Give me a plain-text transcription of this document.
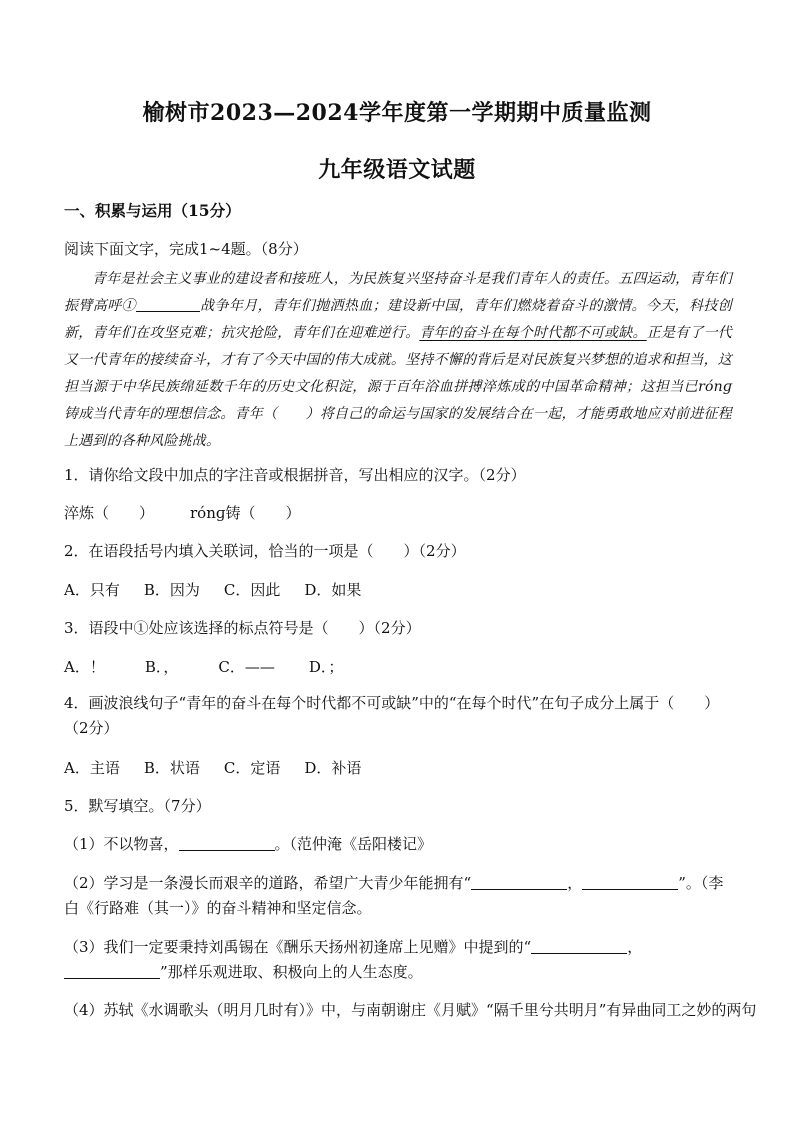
榆树市2023—2024学年度第一学期期中质量监测
九年级语文试题
一、积累与运用（15分）
阅读下面文字，完成1~4题。（8分）

青年是社会主义事业的建设者和接班人，为民族复兴坚持奋斗是我们青年人的责任。五四运动，青年们振臂高呼①	战争年月，青年们抛洒热血；建设新中国，青年们燃烧着奋斗的激情。今天，科技创新，青年们在攻坚克难；抗灾抢险，青年们在迎难逆行。青年的奋斗在每个时代都不可或缺。正是有了一代又一代青年的接续奋斗，才有了今天中国的伟大成就。坚持不懈的背后是对民族复兴梦想的追求和担当，这担当源于中华民族绵延数千年的历史文化积淀，源于百年浴血拼搏淬炼成的中国革命精神；这担当已rónɡ铸成当代青年的理想信念。青年（　　）将自己的命运与国家的发展结合在一起，才能勇敢地应对前进征程上遇到的各种风险挑战。

1．请你给文段中加点的字注音或根据拼音，写出相应的汉字。（2分）
淬炼（　　） rónɡ铸（　　）
2．在语段括号内填入关联词，恰当的一项是（　　）（2分）
A．只有 B．因为 C．因此 D．如果
3．语段中①处应该选择的标点符号是（　　）（2分）
A．！	B．，	C．—— D．；
4．画波浪线句子“青年的奋斗在每个时代都不可或缺”中的“在每个时代”在句子成分上属于（　　）（2分）
A．主语 B．状语 C．定语 D．补语
5．默写填空。（7分）
（1）不以物喜，	。（范仲淹《岳阳楼记》
（2）学习是一条漫长而艰辛的道路，希望广大青少年能拥有“	，	”。（李白《行路难（其一）》的奋斗精神和坚定信念。
（3）我们一定要秉持刘禹锡在《酬乐天扬州初逢席上见赠》中提到的“	，”那样乐观进取、积极向上的人生态度。
（4）苏轼《水调歌头（明月几时有）》中，与南朝谢庄《月赋》“隔千里兮共明月”有异曲同工之妙的两句
